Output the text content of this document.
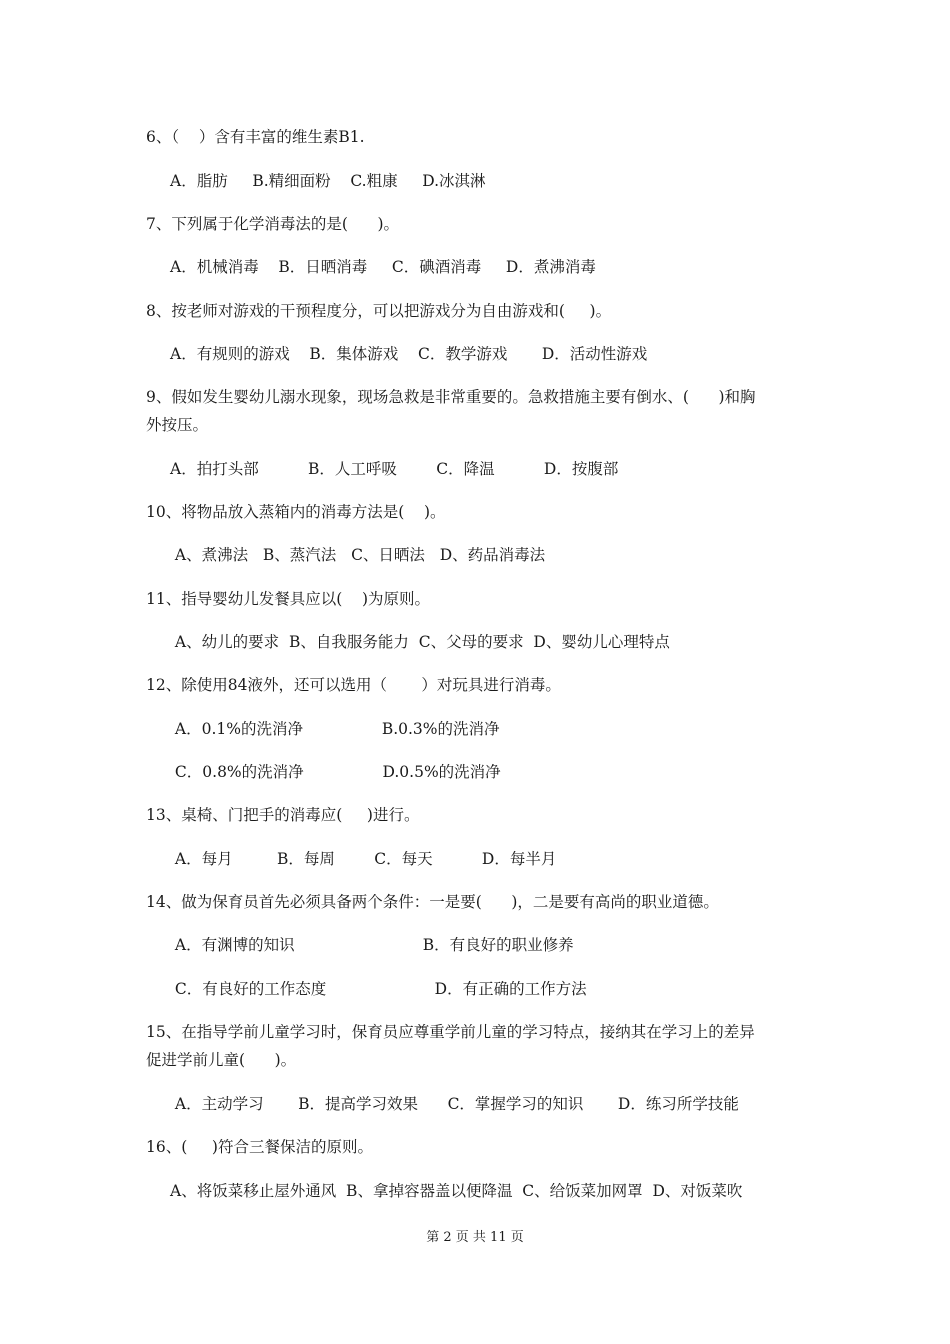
6、（    ）含有丰富的维生素B1.
A．脂肪     B.精细面粉    C.粗康     D.冰淇淋
7、下列属于化学消毒法的是(      )。
A．机械消毒    B．日晒消毒     C．碘酒消毒     D．煮沸消毒
8、按老师对游戏的干预程度分，可以把游戏分为自由游戏和(     )。
A．有规则的游戏    B．集体游戏    C．教学游戏       D．活动性游戏
9、假如发生婴幼儿溺水现象，现场急救是非常重要的。急救措施主要有倒水、(      )和胸
外按压。
A．拍打头部          B．人工呼吸        C．降温          D．按腹部
10、将物品放入蒸箱内的消毒方法是(    )。
A、煮沸法   B、蒸汽法   C、日晒法   D、药品消毒法
11、指导婴幼儿发餐具应以(    )为原则。
A、幼儿的要求  B、自我服务能力  C、父母的要求  D、婴幼儿心理特点
12、除使用84液外，还可以选用（       ）对玩具进行消毒。
A．0.1%的洗消净                B.0.3%的洗消净
C．0.8%的洗消净                D.0.5%的洗消净
13、桌椅、门把手的消毒应(     )进行。
A．每月         B．每周        C．每天          D．每半月
14、做为保育员首先必须具备两个条件：一是要(      )，二是要有高尚的职业道德。
A．有渊博的知识                          B．有良好的职业修养
C．有良好的工作态度                      D．有正确的工作方法
15、在指导学前儿童学习时，保育员应尊重学前儿童的学习特点，接纳其在学习上的差异
促进学前儿童(      )。
A．主动学习       B．提高学习效果      C．掌握学习的知识       D．练习所学技能
16、(     )符合三餐保洁的原则。
A、将饭菜移止屋外通风  B、拿掉容器盖以便降温  C、给饭菜加网罩  D、对饭菜吹
第 2 页 共 11 页
